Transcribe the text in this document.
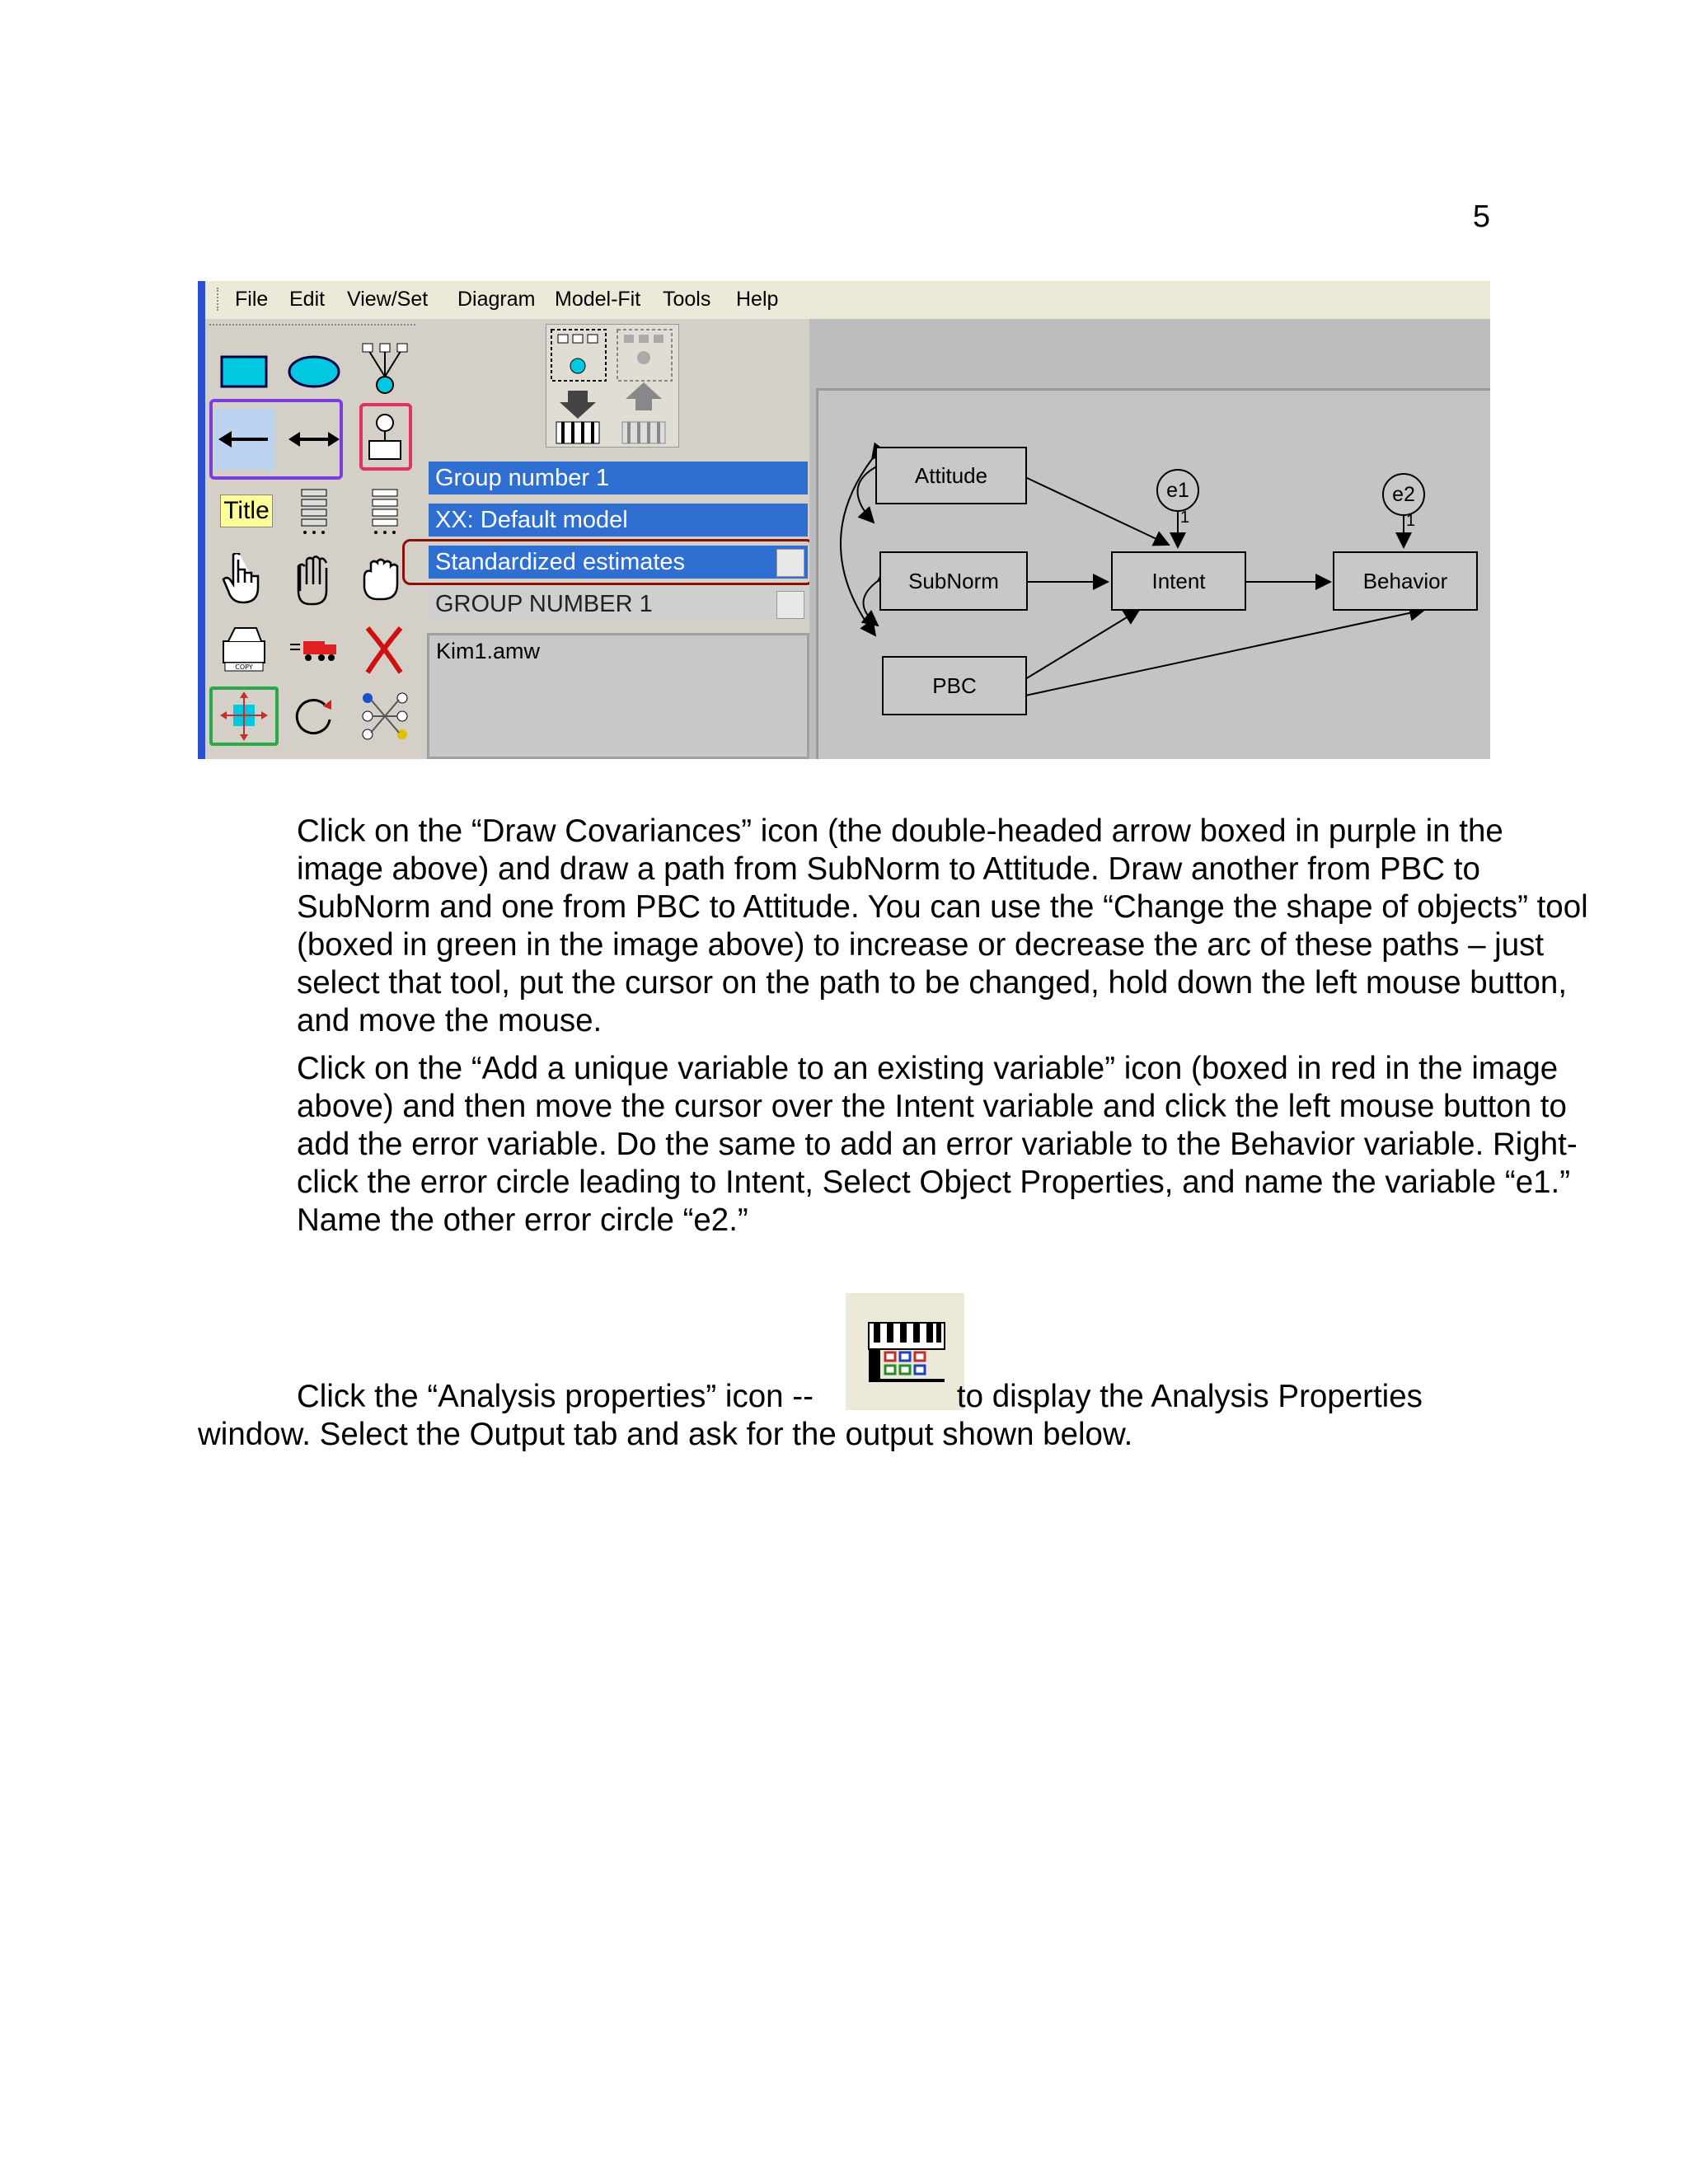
5
File Edit View/Set Diagram Model-Fit Tools Help
Title
COPY
Group number 1
XX: Default model
Standardized estimates
GROUP NUMBER 1
Kim1.amw
Attitude
SubNorm
PBC
Intent	Behavior
e1	e2
1	1
Click on the “Draw Covariances” icon (the double-headed arrow boxed in purple in the image above) and draw a path from SubNorm to Attitude. Draw another from PBC to SubNorm and one from PBC to Attitude. You can use the “Change the shape of objects” tool (boxed in green in the image above) to increase or decrease the arc of these paths – just select that tool, put the cursor on the path to be changed, hold down the left mouse button, and move the mouse.
Click on the “Add a unique variable to an existing variable” icon (boxed in red in the image above) and then move the cursor over the Intent variable and click the left mouse button to add the error variable. Do the same to add an error variable to the Behavior variable. Right-click the error circle leading to Intent, Select Object Properties, and name the variable “e1.” Name the other error circle “e2.”
Click the “Analysis properties” icon --	to display the Analysis Properties window. Select the Output tab and ask for the output shown below.
